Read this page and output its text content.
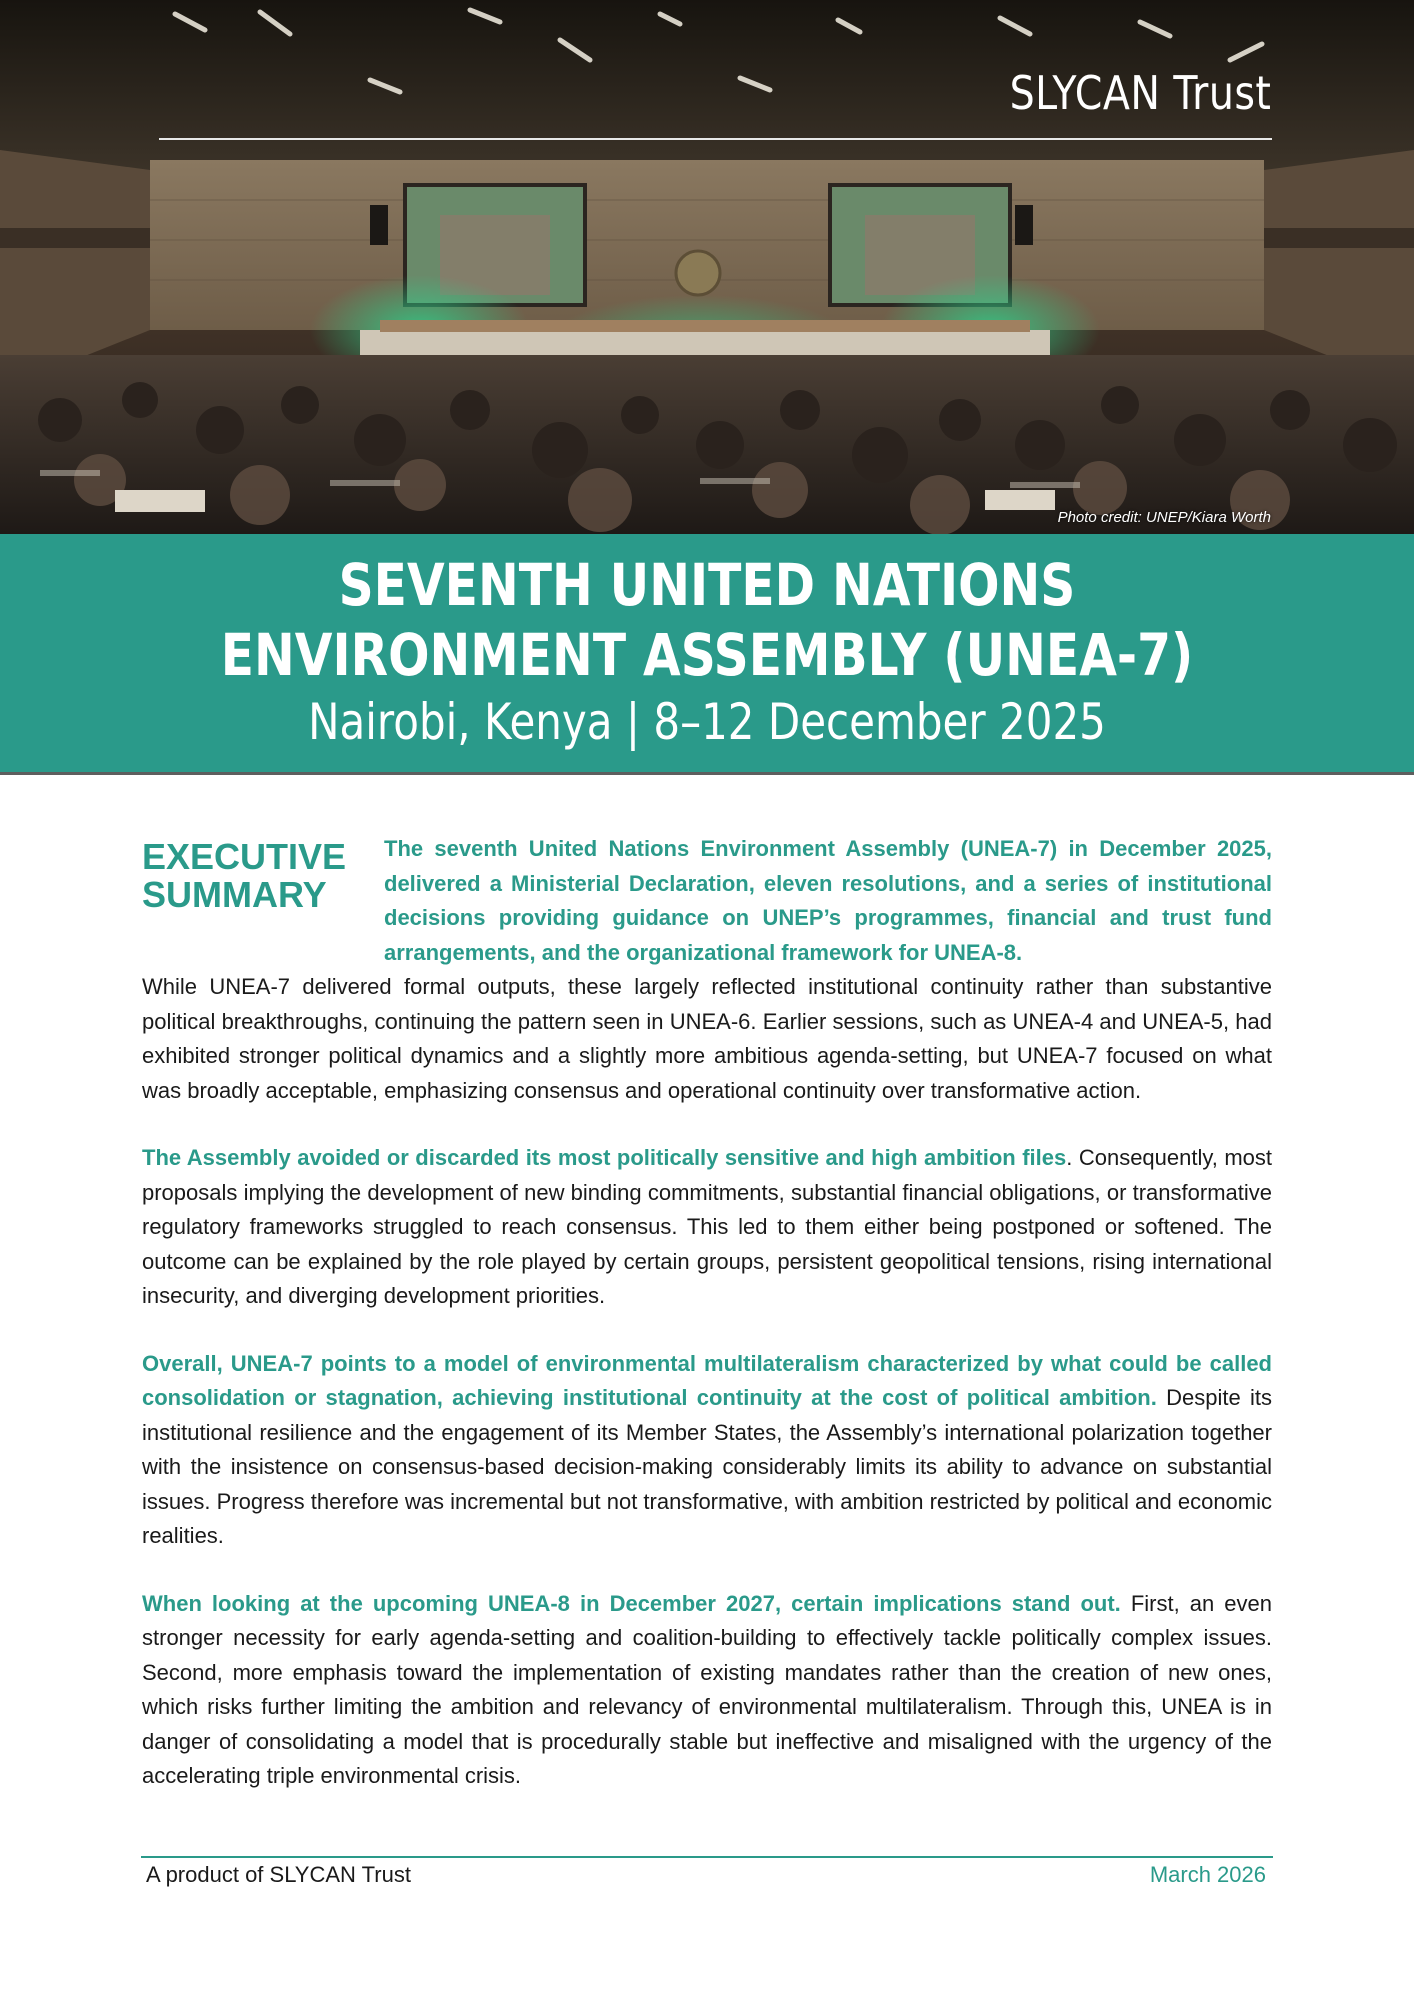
SLYCAN Trust
Photo credit: UNEP/Kiara Worth
SEVENTH UNITED NATIONS
ENVIRONMENT ASSEMBLY (UNEA-7)
Nairobi, Kenya | 8–12 December 2025
EXECUTIVE
SUMMARY

The seventh United Nations Environment Assembly (UNEA-7) in December 2025, delivered a Ministerial Declaration, eleven resolutions, and a series of institutional decisions providing guidance on UNEP’s programmes, financial and trust fund arrangements, and the organizational framework for UNEA-8.

While UNEA-7 delivered formal outputs, these largely reflected institutional continuity rather than substantive political breakthroughs, continuing the pattern seen in UNEA-6. Earlier sessions, such as UNEA-4 and UNEA-5, had exhibited stronger political dynamics and a slightly more ambitious agenda-setting, but UNEA-7 focused on what was broadly acceptable, emphasizing consensus and operational continuity over transformative action.

The Assembly avoided or discarded its most politically sensitive and high ambition files. Consequently, most proposals implying the development of new binding commitments, substantial financial obligations, or transformative regulatory frameworks struggled to reach consensus. This led to them either being postponed or softened. The outcome can be explained by the role played by certain groups, persistent geopolitical tensions, rising international insecurity, and diverging development priorities.

Overall, UNEA-7 points to a model of environmental multilateralism characterized by what could be called consolidation or stagnation, achieving institutional continuity at the cost of political ambition. Despite its institutional resilience and the engagement of its Member States, the Assembly’s international polarization together with the insistence on consensus-based decision-making considerably limits its ability to advance on substantial issues. Progress therefore was incremental but not transformative, with ambition restricted by political and economic realities.

When looking at the upcoming UNEA-8 in December 2027, certain implications stand out. First, an even stronger necessity for early agenda-setting and coalition-building to effectively tackle politically complex issues. Second, more emphasis toward the implementation of existing mandates rather than the creation of new ones, which risks further limiting the ambition and relevancy of environmental multilateralism. Through this, UNEA is in danger of consolidating a model that is procedurally stable but ineffective and misaligned with the urgency of the accelerating triple environmental crisis.

A product of SLYCAN Trust	March 2026
